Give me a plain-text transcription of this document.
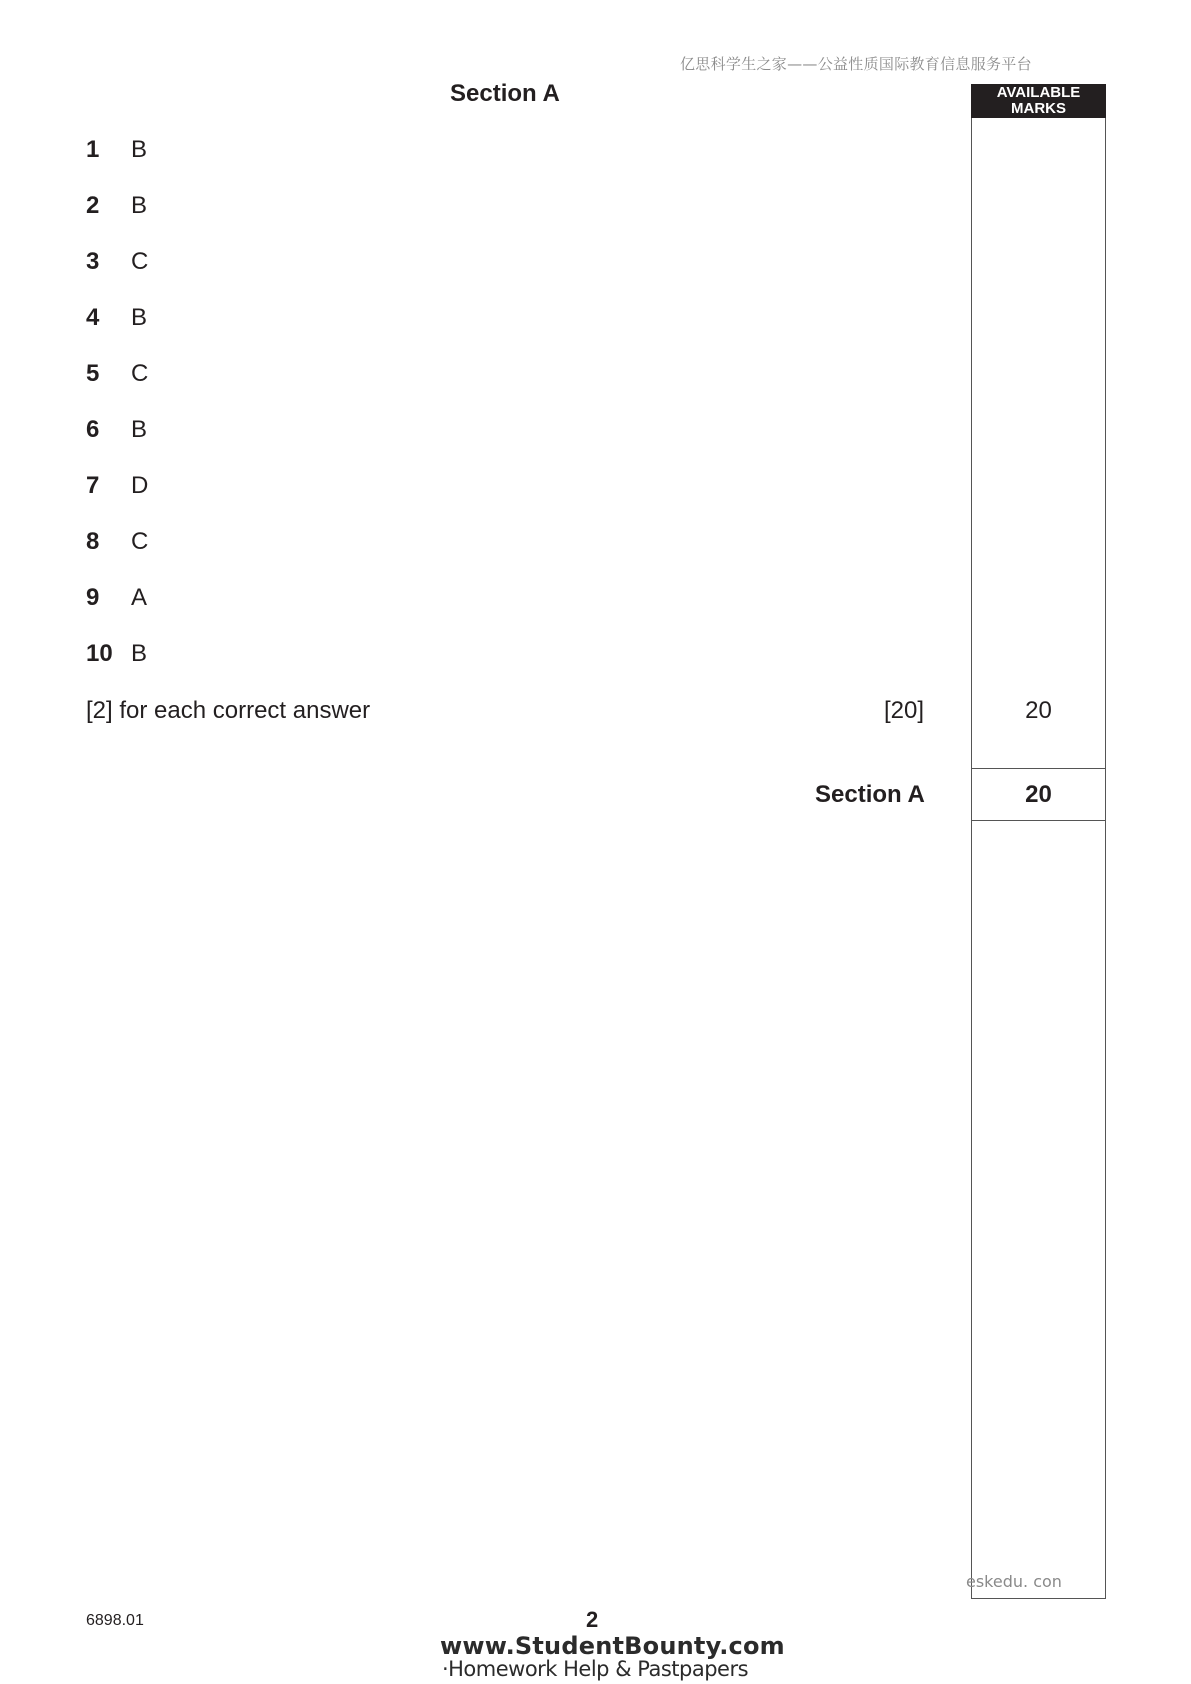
亿思科学生之家——公益性质国际教育信息服务平台
Section A	AVAILABLE
MARKS
1 B
2 B
3 C
4 B
5 C
6 B
7 D
8 C
9 A
10 B
[2] for each correct answer	[20]	20
Section A	20
eskedu. con
6898.01	2
www.StudentBounty.com
·Homework Help & Pastpapers
